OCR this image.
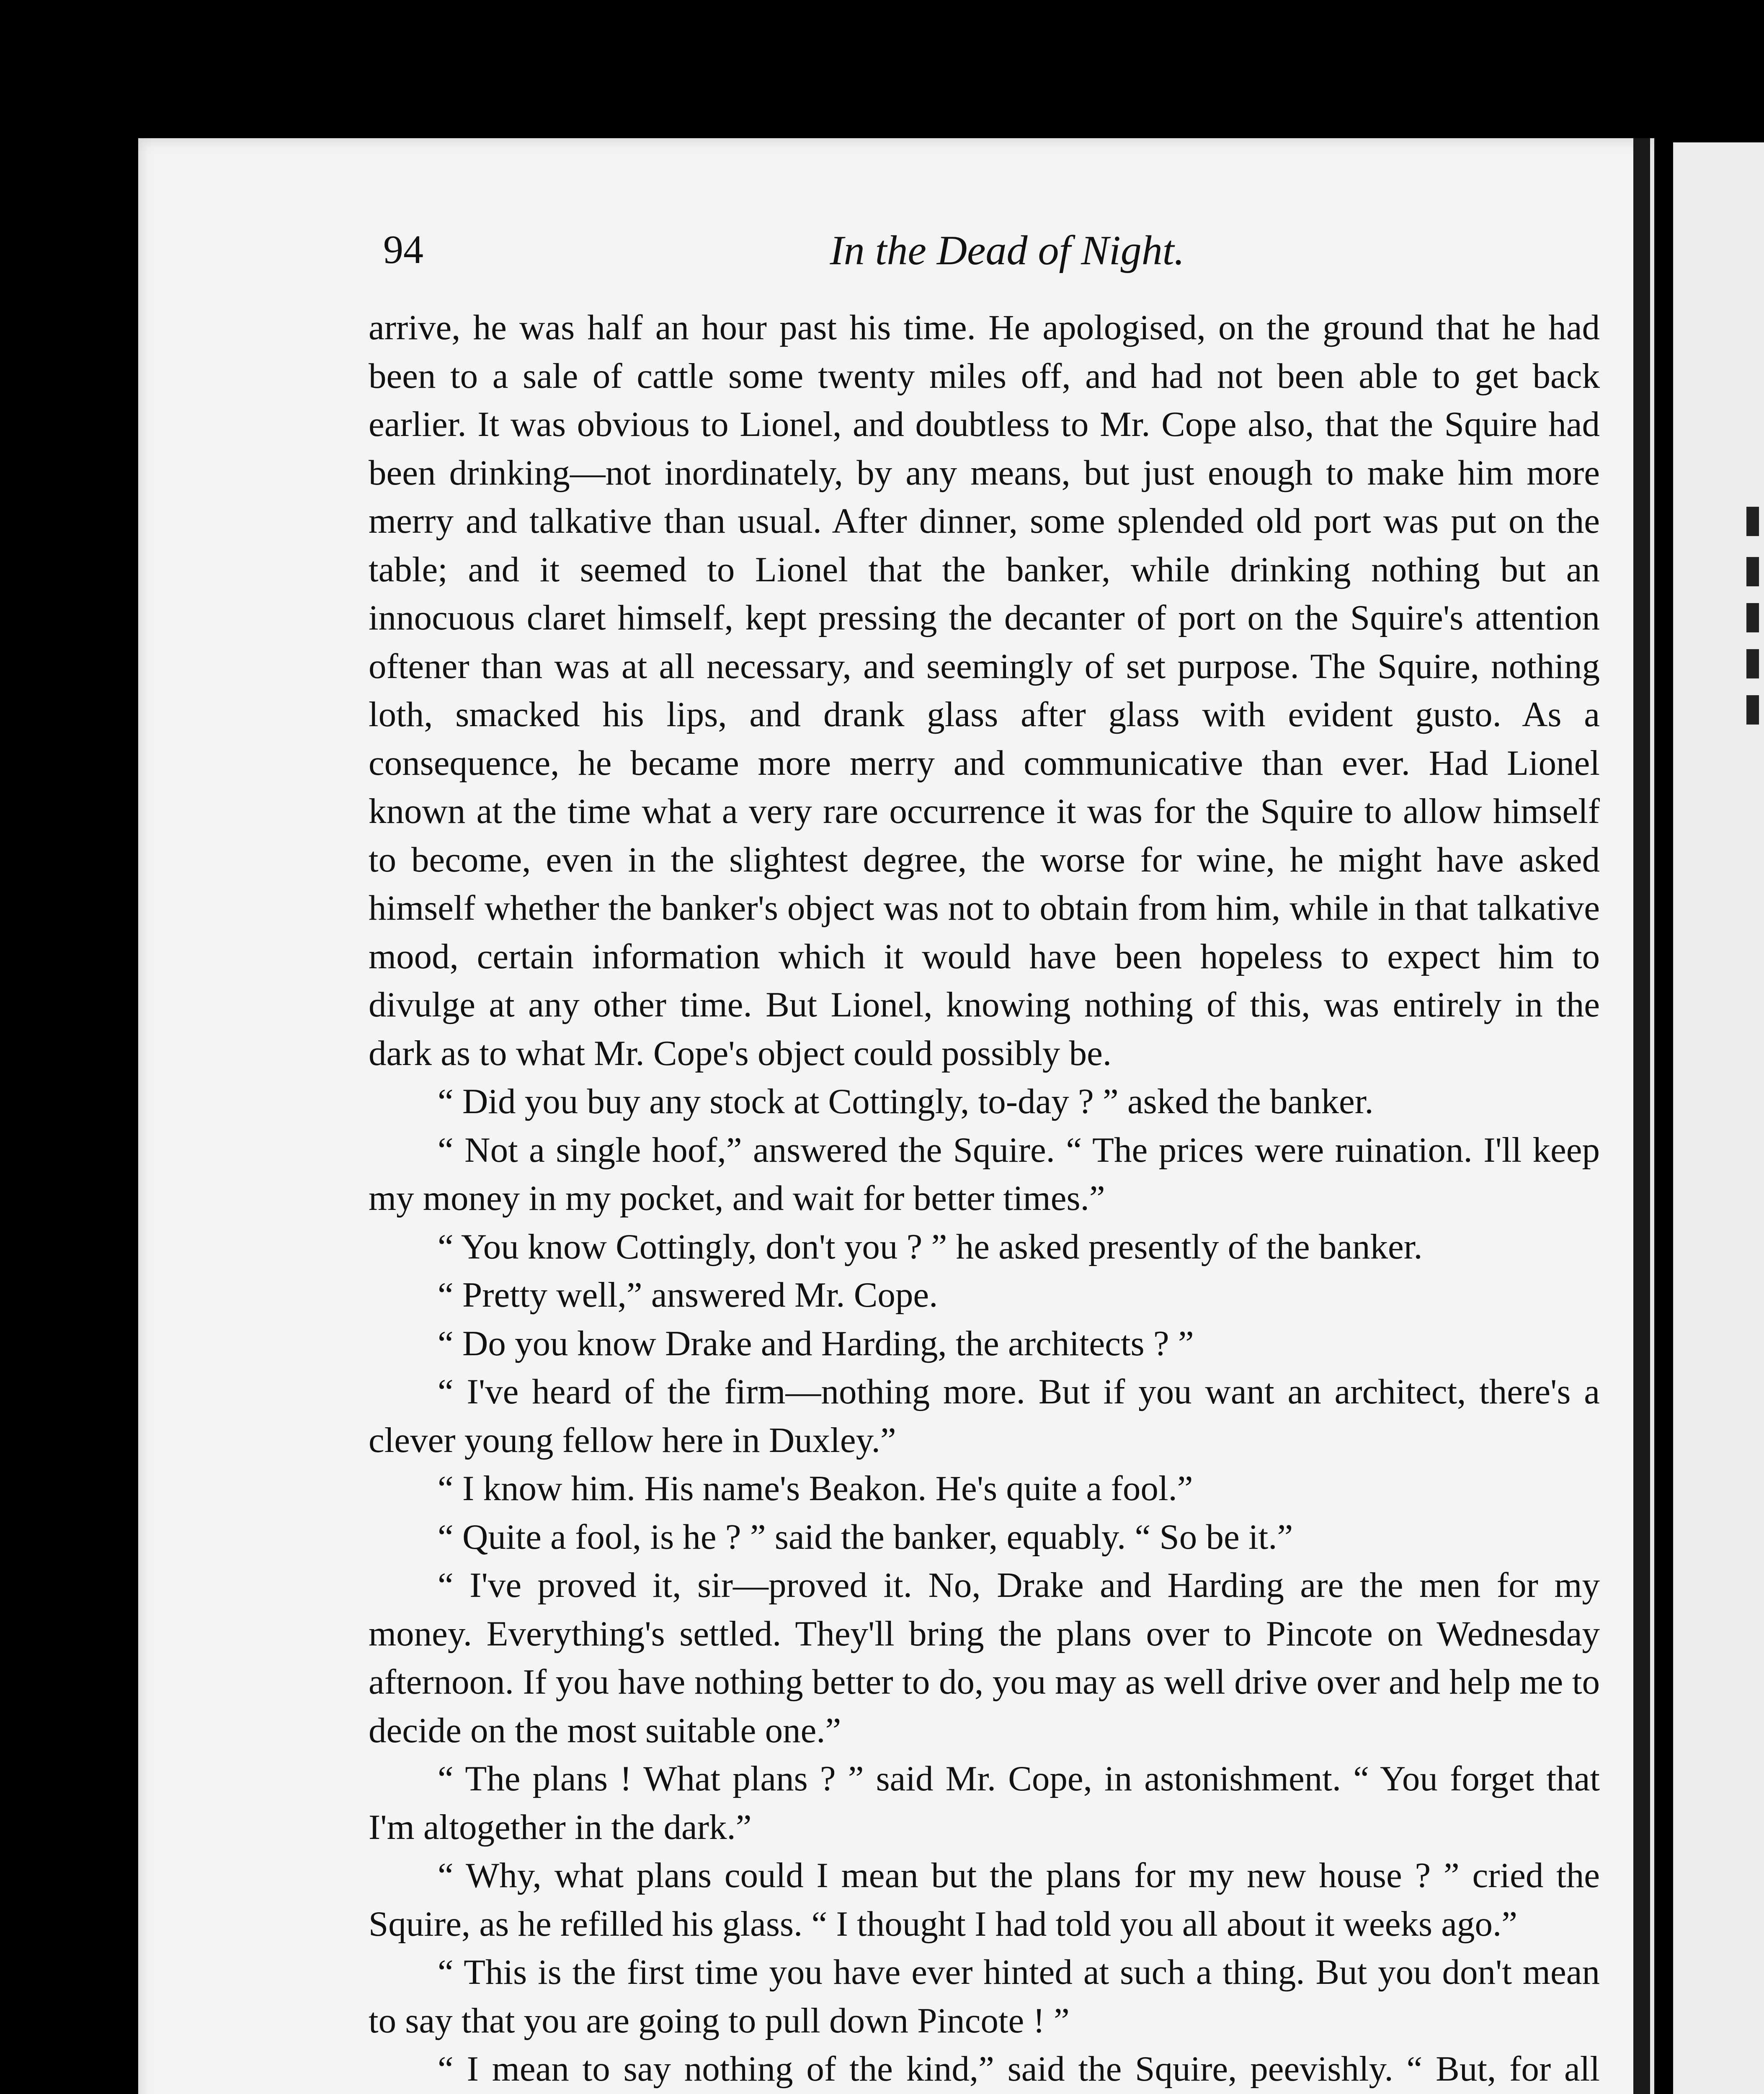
94	In the Dead of Night.

arrive, he was half an hour past his time. He apologised, on the ground that he had been to a sale of cattle some twenty miles off, and had not been able to get back earlier. It was obvious to Lionel, and doubtless to Mr. Cope also, that the Squire had been drinking—not inordinately, by any means, but just enough to make him more merry and talkative than usual. After dinner, some splended old port was put on the table; and it seemed to Lionel that the banker, while drinking nothing but an innocuous claret himself, kept pressing the decanter of port on the Squire's attention oftener than was at all necessary, and seemingly of set purpose. The Squire, nothing loth, smacked his lips, and drank glass after glass with evident gusto. As a consequence, he became more merry and communicative than ever. Had Lionel known at the time what a very rare occurrence it was for the Squire to allow himself to become, even in the slightest degree, the worse for wine, he might have asked himself whether the banker's object was not to obtain from him, while in that talkative mood, certain information which it would have been hopeless to expect him to divulge at any other time. But Lionel, knowing nothing of this, was entirely in the dark as to what Mr. Cope's object could possibly be.

“ Did you buy any stock at Cottingly, to-day ? ” asked the banker.

“ Not a single hoof,” answered the Squire. “ The prices were ruination. I'll keep my money in my pocket, and wait for better times.”

“ You know Cottingly, don't you ? ” he asked presently of the banker.

“ Pretty well,” answered Mr. Cope.

“ Do you know Drake and Harding, the architects ? ”

“ I've heard of the firm—nothing more. But if you want an architect, there's a clever young fellow here in Duxley.”

“ I know him. His name's Beakon. He's quite a fool.”

“ Quite a fool, is he ? ” said the banker, equably. “ So be it.”

“ I've proved it, sir—proved it. No, Drake and Harding are the men for my money. Everything's settled. They'll bring the plans over to Pincote on Wednesday afternoon. If you have nothing better to do, you may as well drive over and help me to decide on the most suitable one.”

“ The plans ! What plans ? ” said Mr. Cope, in astonishment. “ You forget that I'm altogether in the dark.”

“ Why, what plans could I mean but the plans for my new house ? ” cried the Squire, as he refilled his glass. “ I thought I had told you all about it weeks ago.”

“ This is the first time you have ever hinted at such a thing. But you don't mean to say that you are going to pull down Pincote ! ”

“ I mean to say nothing of the kind,” said the Squire, peevishly. “ But, for all
